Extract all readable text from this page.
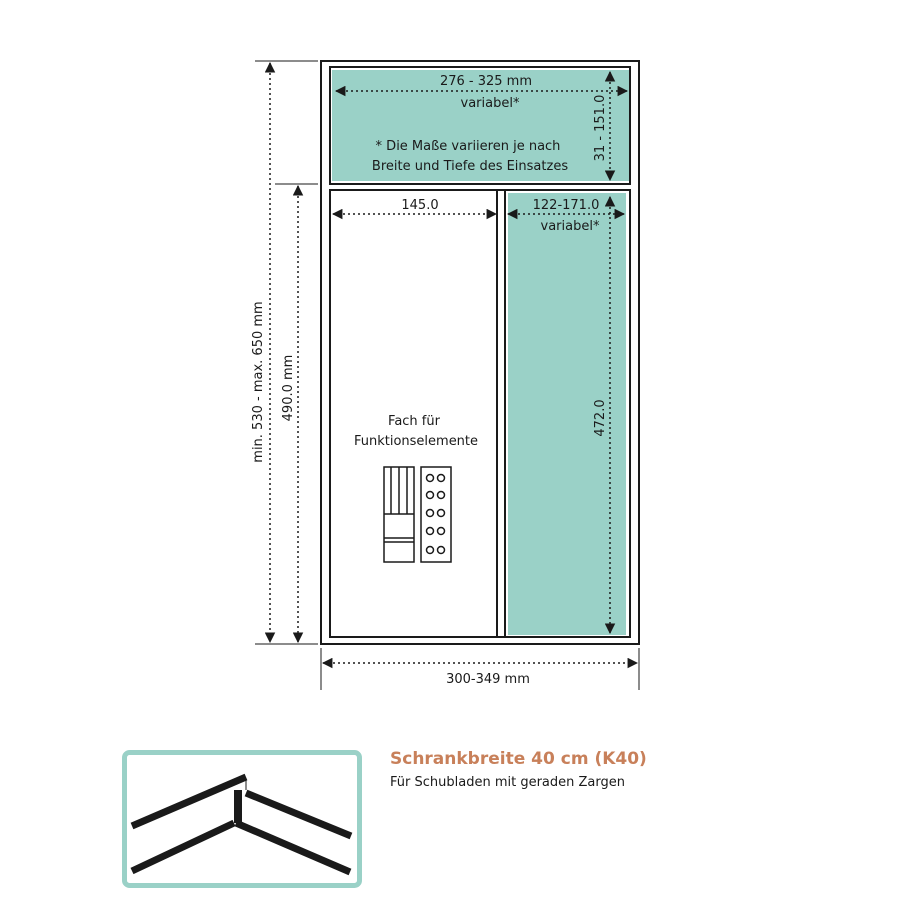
276 - 325 mm
variabel*
* Die Maße variieren je nach
Breite und Tiefe des Einsatzes
31 - 151.0
145.0	122-171.0
variabel*
472.0
Fach für
Funktionselemente
min. 530 - max. 650 mm 490.0 mm
300-349 mm
Schrankbreite 40 cm (K40)
Für Schubladen mit geraden Zargen
